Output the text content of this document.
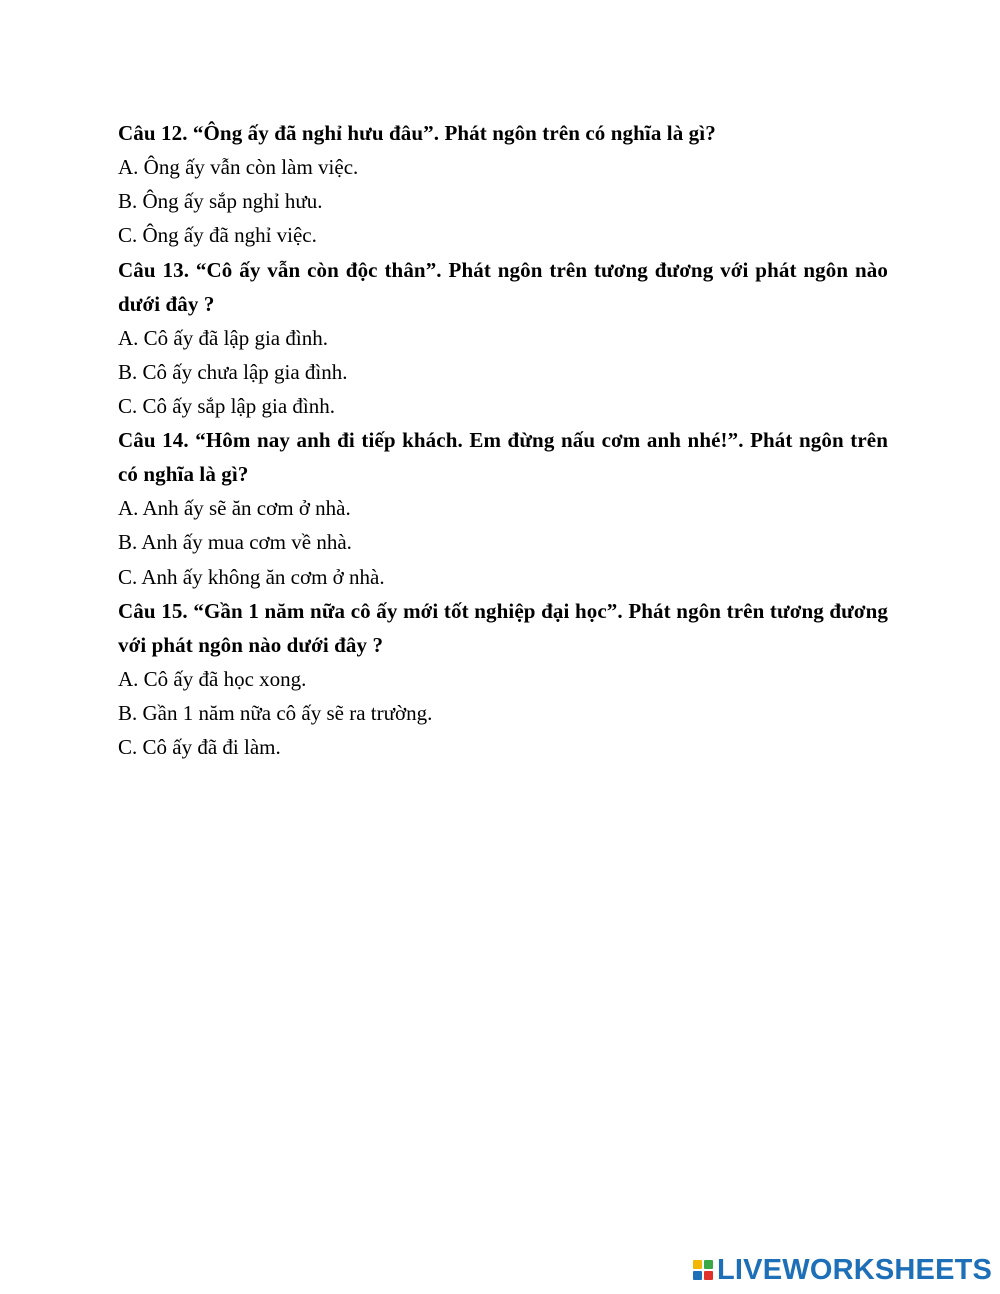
Câu 12. “Ông ấy đã nghỉ hưu đâu”. Phát ngôn trên có nghĩa là gì?
A. Ông ấy vẫn còn làm việc.
B. Ông ấy sắp nghỉ hưu.
C. Ông ấy đã nghỉ việc.
Câu 13. “Cô ấy vẫn còn độc thân”. Phát ngôn trên tương đương với phát ngôn nào dưới đây ?
A. Cô ấy đã lập gia đình.
B. Cô ấy chưa lập gia đình.
C. Cô ấy sắp lập gia đình.
Câu 14. “Hôm nay anh đi tiếp khách. Em đừng nấu cơm anh nhé!”. Phát ngôn trên có nghĩa là gì?
A. Anh ấy sẽ ăn cơm ở nhà.
B. Anh ấy mua cơm về nhà.
C. Anh ấy không ăn cơm ở nhà.
Câu 15. “Gần 1 năm nữa cô ấy mới tốt nghiệp đại học”. Phát ngôn trên tương đương với phát ngôn nào dưới đây ?
A. Cô ấy đã học xong.
B. Gần 1 năm nữa cô ấy sẽ ra trường.
C. Cô ấy đã đi làm.
LIVEWORKSHEETS
